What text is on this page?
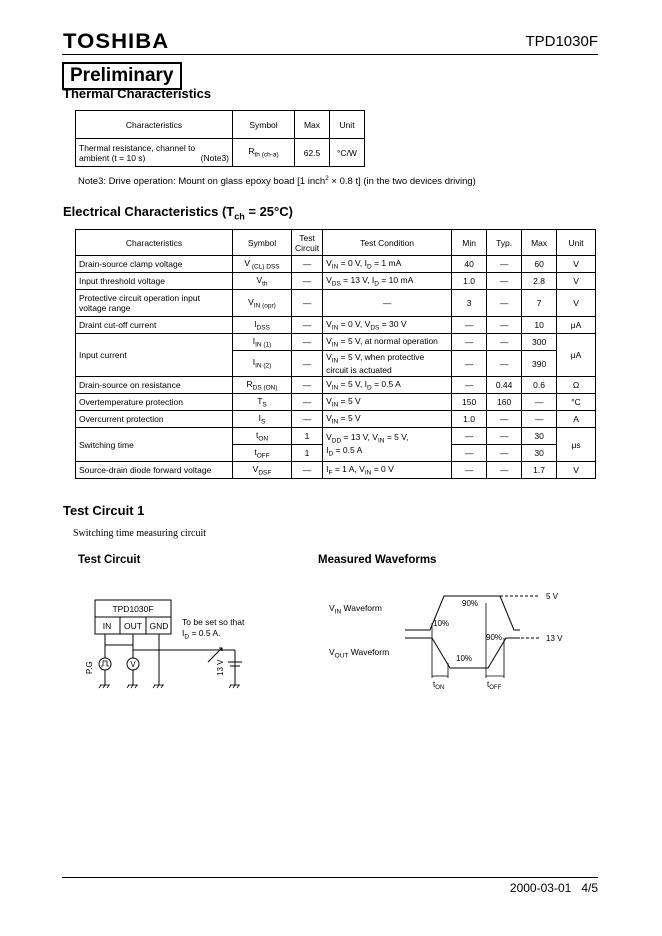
TOSHIBA	TPD1030F
Preliminary
Thermal Characteristics
Characteristics	Symbol	Max	Unit

Thermal resistance, channel to
ambient (t = 10 s) (Note3)	$R_{th (ch-a)}$	62.5	°C/W
Note3: Drive operation: Mount on glass epoxy boad [1 inch$^2$ × 0.8 t] (in the two devices driving)
Electrical Characteristics $(T_{ch} = 25^\circ C)$
Characteristics	Symbol	Test
Circuit	Test Condition	Min	Typ.	Max	Unit
Drain-source clamp voltage	V $_{(CL) DSS}$	—	$V_{IN} = 0$ V, $I_D = 1$ mA	40	—	60	V
Input threshold voltage	$V_{th}$	—	$V_{DS} = 13$ V, $I_D = 10$ mA	1.0	—	2.8	V

Protective circuit operation input
voltage range	$V_{IN (opr)}$	—	—	3	—	7	V
Draint cut-off current	$I_{DSS}$	—	$V_{IN} = 0$ V, $V_{DS} = 30$ V	—	—	10	μA
Input current	$I_{IN (1)}$	—	$V_{IN} = 5$ V, at normal operation	—	—	300	μA
	$I_{IN (2)}$	—	$V_{IN} = 5$ V, when protective
circuit is actuated	—	—	390	
Drain-source on resistance	$R_{DS (ON)}$	—	$V_{IN} = 5$ V, $I_D = 0.5$ A	—	0.44	0.6	Ω
Overtemperature protection	$T_S$	—	$V_{IN} = 5$ V	150	160	—	°C
Overcurrent protection	$I_S$	—	$V_{IN} = 5$ V	1.0	—	—	A
Switching time	$t_{ON}$	1	$V_{DD} = 13$ V, $V_{IN} = 5$ V,
$I_D = 0.5$ A	—	—	30	μs
	$t_{OFF}$	1		—	—	30	
Source-drain diode forward voltage	$V_{DSF}$	—	$I_F = 1$ A, $V_{IN} = 0$ V	—	—	1.7	V
Test Circuit 1
Switching time measuring circuit
Test Circuit	Measured Waveforms
TPD1030F
IN OUT GND
P.G	V	13 V
To be set so that
$I_D = 0.5$ A.
$V_{IN}$ Waveform
$V_{OUT}$ Waveform
90%
10%
90%
10%
5 V
13 V
$t_{ON}$	$t_{OFF}$
2000-03-01 4/5
